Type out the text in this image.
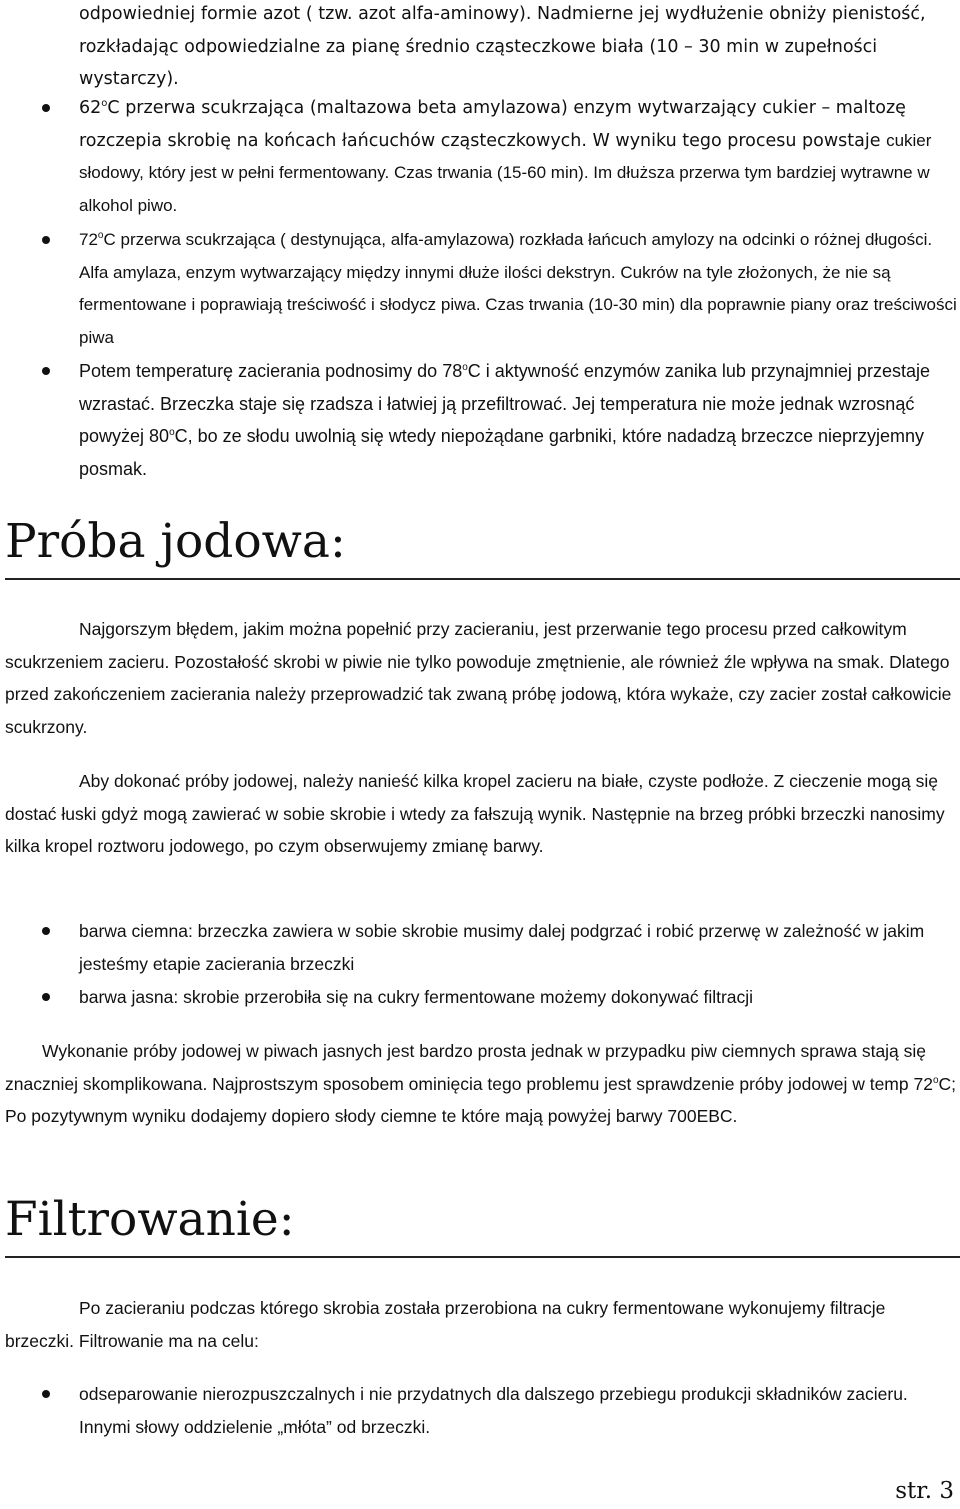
odpowiedniej formie azot ( tzw. azot alfa-aminowy). Nadmierne jej wydłużenie obniży pienistość, rozkładając odpowiedzialne za pianę średnio cząsteczkowe biała (10 – 30 min w zupełności wystarczy).

62$^o$C przerwa scukrzająca (maltazowa beta amylazowa) enzym wytwarzający cukier – maltozę rozczepia skrobię na końcach łańcuchów cząsteczkowych. W wyniku tego procesu powstaje cukier słodowy, który jest w pełni fermentowany. Czas trwania (15-60 min). Im dłuższa przerwa tym bardziej wytrawne w alkohol piwo.

72$^o$C przerwa scukrzająca ( destynująca, alfa-amylazowa) rozkłada łańcuch amylozy na odcinki o różnej długości. Alfa amylaza, enzym wytwarzający między innymi dłuże ilości dekstryn. Cukrów na tyle złożonych, że nie są fermentowane i poprawiają treściwość i słodycz piwa. Czas trwania (10-30 min) dla poprawnie piany oraz treściwości piwa

Potem temperaturę zacierania podnosimy do 78$^o$C i aktywność enzymów zanika lub przynajmniej przestaje wzrastać. Brzeczka staje się rzadsza i łatwiej ją przefiltrować. Jej temperatura nie może jednak wzrosnąć powyżej 80$^o$C, bo ze słodu uwolnią się wtedy niepożądane garbniki, które nadadzą brzeczce nieprzyjemny posmak.

Próba jodowa:

Najgorszym błędem, jakim można popełnić przy zacieraniu, jest przerwanie tego procesu przed całkowitym scukrzeniem zacieru. Pozostałość skrobi w piwie nie tylko powoduje zmętnienie, ale również źle wpływa na smak. Dlatego przed zakończeniem zacierania należy przeprowadzić tak zwaną próbę jodową, która wykaże, czy zacier został całkowicie scukrzony.

Aby dokonać próby jodowej, należy nanieść kilka kropel zacieru na białe, czyste podłoże. Z cieczenie mogą się dostać łuski gdyż mogą zawierać w sobie skrobie i wtedy za fałszują wynik. Następnie na brzeg próbki brzeczki nanosimy kilka kropel roztworu jodowego, po czym obserwujemy zmianę barwy.

barwa ciemna: brzeczka zawiera w sobie skrobie musimy dalej podgrzać i robić przerwę w zależność w jakim jesteśmy etapie zacierania brzeczki

barwa jasna: skrobie przerobiła się na cukry fermentowane możemy dokonywać filtracji

Wykonanie próby jodowej w piwach jasnych jest bardzo prosta jednak w przypadku piw ciemnych sprawa stają się znaczniej skomplikowana. Najprostszym sposobem ominięcia tego problemu jest sprawdzenie próby jodowej w temp 72$^o$C; Po pozytywnym wyniku dodajemy dopiero słody ciemne te które mają powyżej barwy 700EBC.

Filtrowanie:

Po zacieraniu podczas którego skrobia została przerobiona na cukry fermentowane wykonujemy filtracje brzeczki. Filtrowanie ma na celu:

odseparowanie nierozpuszczalnych i nie przydatnych dla dalszego przebiegu produkcji składników zacieru. Innymi słowy oddzielenie „młóta” od brzeczki.

str. 3
